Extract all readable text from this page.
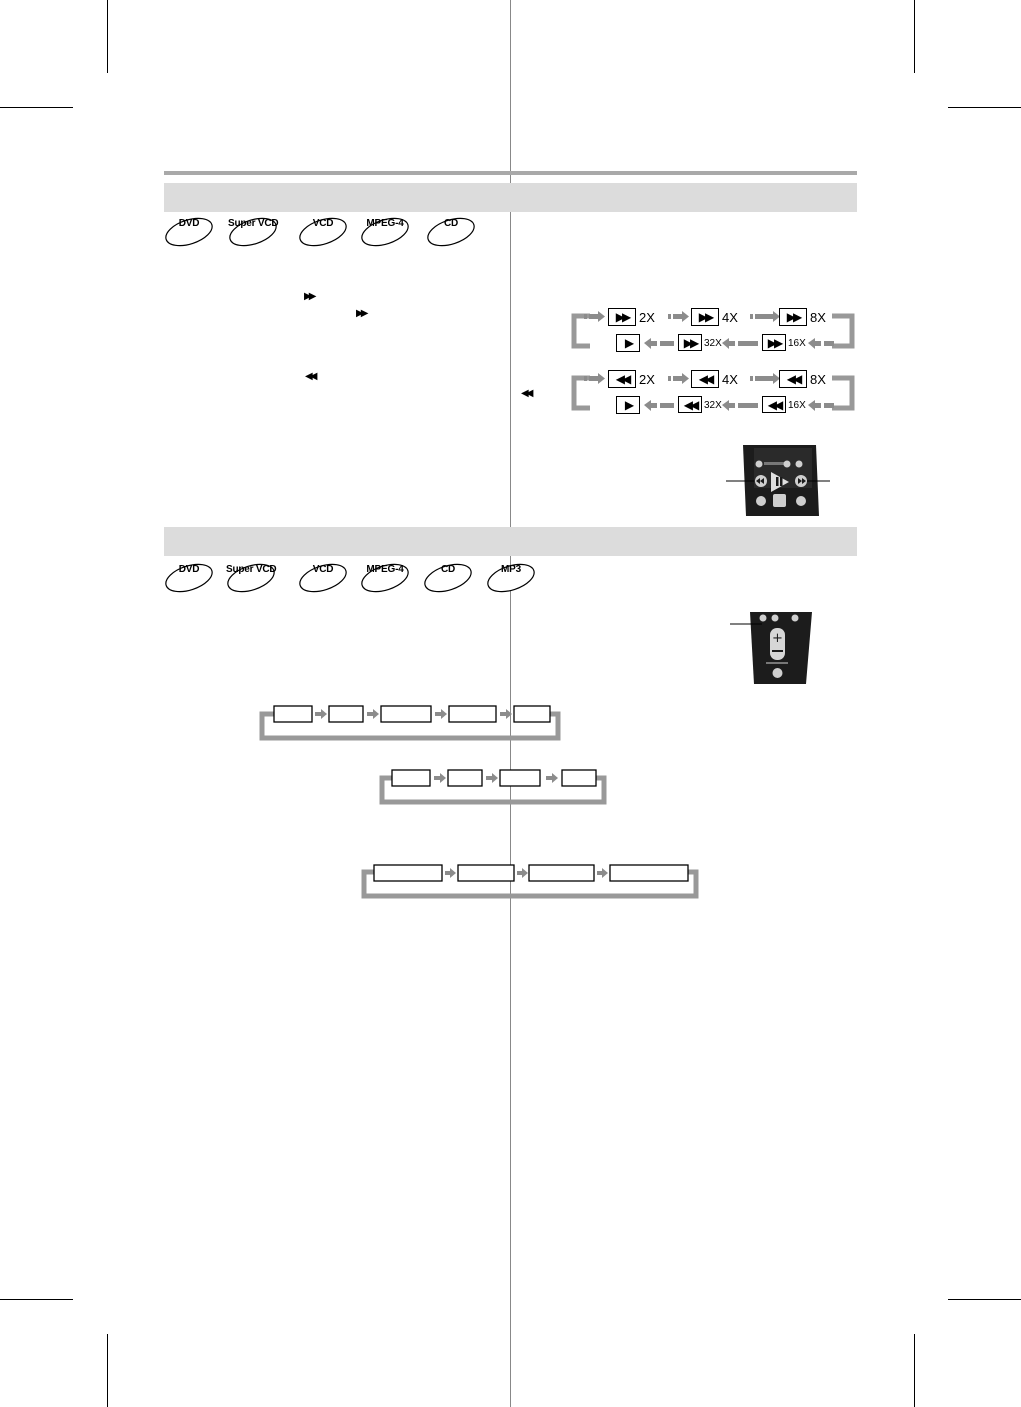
DVD	Super VCD	VCD	MPEG-4	CD
▶▶
▶▶
◀◀
◀◀
▶▶ 2X	▶▶ 4X	▶▶ 8X
▶	▶▶ 32X	▶▶ 16X
◀◀ 2X	◀◀ 4X	◀◀ 8X
▶	◀◀ 32X	◀◀ 16X
DVD	Super VCD	VCD	MPEG-4	CD	MP3
+
